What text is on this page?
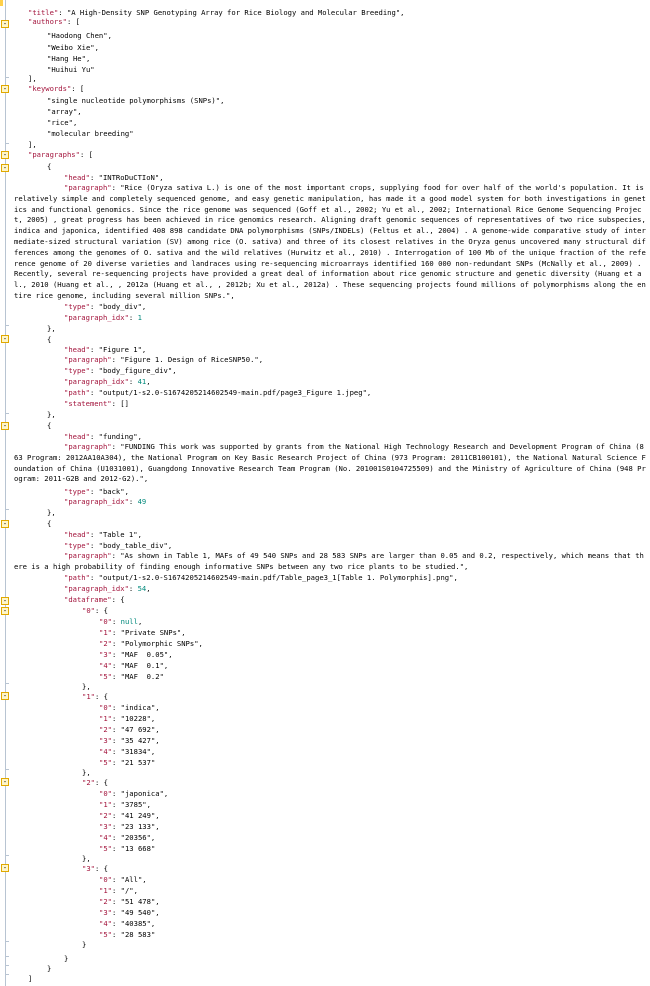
-
-
-
-
-
-
-
-
-
-
-
-
"title": "A High-Density SNP Genotyping Array for Rice Biology and Molecular Breeding",
"authors": [
"Haodong Chen",
"Weibo Xie",
"Hang He",
"Huihui Yu"
],
"keywords": [
"single nucleotide polymorphisms (SNPs)",
"array",
"rice",
"molecular breeding"
],
"paragraphs": [
{
"head": "INTRoDuCTIoN",
"paragraph": "Rice (Oryza sativa L.) is one of the most important crops, supplying food for over half of the world's population. It is relatively simple and completely sequenced genome, and easy genetic manipulation, has made it a good model system for both investigations in genetics and functional genomics. Since the rice genome was sequenced (Goff et al., 2002; Yu et al., 2002; International Rice Genome Sequencing Project, 2005) , great progress has been achieved in rice genomics research. Aligning draft genomic sequences of representatives of two rice subspecies, indica and japonica, identified 408 898 candidate DNA polymorphisms (SNPs/INDELs) (Feltus et al., 2004) . A genome-wide comparative study of intermediate-sized structural variation (SV) among rice (O. sativa) and three of its closest relatives in the Oryza genus uncovered many structural differences among the genomes of O. sativa and the wild relatives (Hurwitz et al., 2010) . Interrogation of 100 Mb of the unique fraction of the reference genome of 20 diverse varieties and landraces using re-sequencing microarrays identified 160 000 non-redundant SNPs (McNally et al., 2009) . Recently, several re-sequencing projects have provided a great deal of information about rice genomic structure and genetic diversity (Huang et al., 2010 (Huang et al., , 2012a (Huang et al., , 2012b; Xu et al., 2012a) . These sequencing projects found millions of polymorphisms along the entire rice genome, including several million SNPs.",
"type": "body_div",
"paragraph_idx": 1
},
{
"head": "Figure 1",
"paragraph": "Figure 1. Design of RiceSNP50.",
"type": "body_figure_div",
"paragraph_idx": 41,
"path": "output/1-s2.0-S1674205214602549-main.pdf/page3_Figure 1.jpeg",
"statement": []
},
{
"head": "funding",
"paragraph": "FUNDING This work was supported by grants from the National High Technology Research and Development Program of China (863 Program: 2012AA10A304), the National Program on Key Basic Research Project of China (973 Program: 2011CB100101), the National Natural Science Foundation of China (U1031001), Guangdong Innovative Research Team Program (No. 201001S0104725509) and the Ministry of Agriculture of China (948 Program: 2011-G2B and 2012-G2).",
"type": "back",
"paragraph_idx": 49
},
{
"head": "Table 1",
"type": "body_table_div",
"paragraph": "As shown in Table 1, MAFs of 49 540 SNPs and 28 583 SNPs are larger than 0.05 and 0.2, respectively, which means that there is a high probability of finding enough informative SNPs between any two rice plants to be studied.",
"path": "output/1-s2.0-S1674205214602549-main.pdf/Table_page3_1[Table 1. Polymorphis].png",
"paragraph_idx": 54,
"dataframe": {
"0": {
"0": null,
"1": "Private SNPs",
"2": "Polymorphic SNPs",
"3": "MAF  0.05",
"4": "MAF  0.1",
"5": "MAF  0.2"
},
"1": {
"0": "indica",
"1": "10228",
"2": "47 692",
"3": "35 427",
"4": "31834",
"5": "21 537"
},
"2": {
"0": "japonica",
"1": "3785",
"2": "41 249",
"3": "23 133",
"4": "20356",
"5": "13 668"
},
"3": {
"0": "All",
"1": "/",
"2": "51 478",
"3": "49 540",
"4": "40385",
"5": "28 583"
}
}
}
]
